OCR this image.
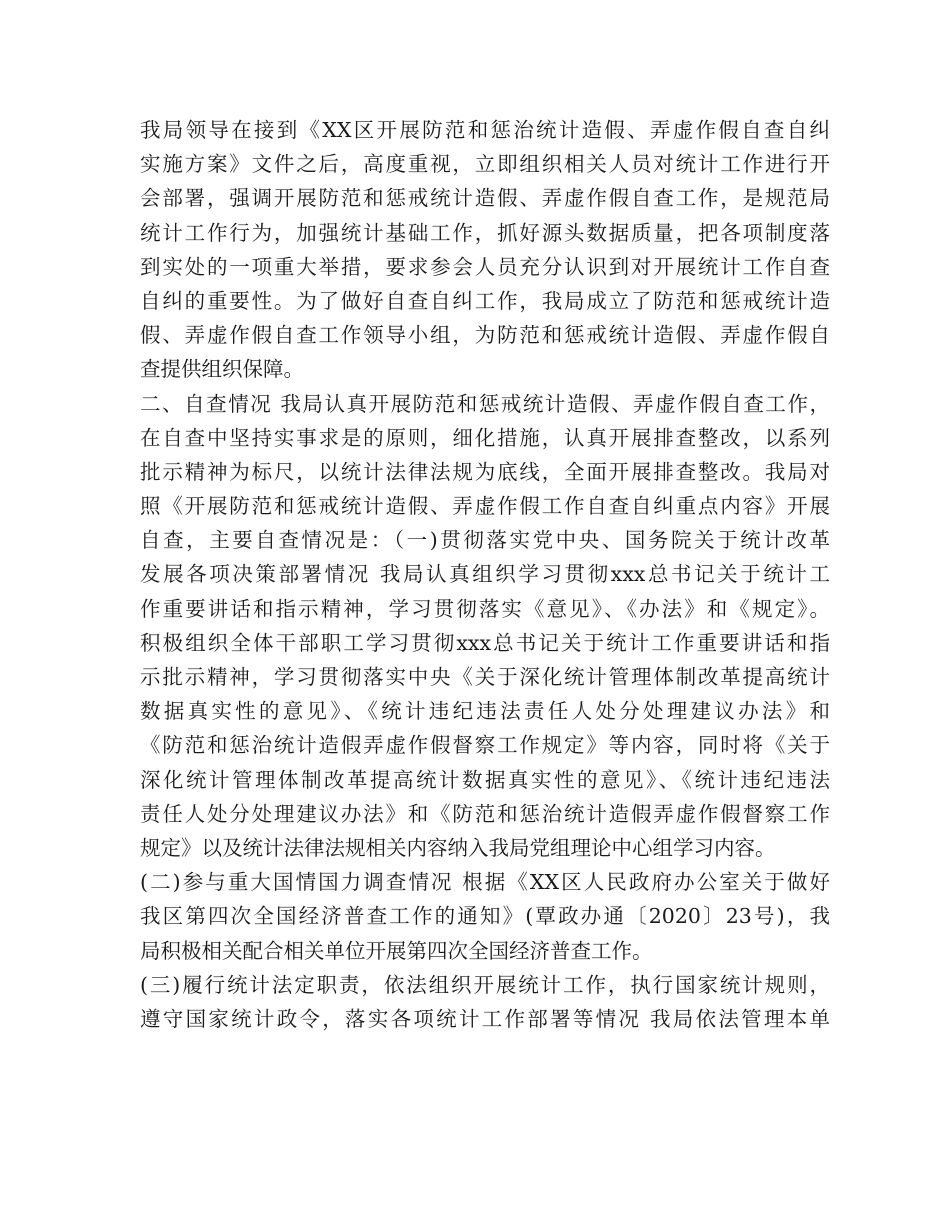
我局领导在接到《XX区开展防范和惩治统计造假、弄虚作假自查自纠
实施方案》文件之后，高度重视，立即组织相关人员对统计工作进行开
会部署，强调开展防范和惩戒统计造假、弄虚作假自查工作，是规范局
统计工作行为，加强统计基础工作，抓好源头数据质量，把各项制度落
到实处的一项重大举措，要求参会人员充分认识到对开展统计工作自查
自纠的重要性。为了做好自查自纠工作，我局成立了防范和惩戒统计造
假、弄虚作假自查工作领导小组，为防范和惩戒统计造假、弄虚作假自
查提供组织保障。
二、自查情况 我局认真开展防范和惩戒统计造假、弄虚作假自查工作，
在自查中坚持实事求是的原则，细化措施，认真开展排查整改，以系列
批示精神为标尺，以统计法律法规为底线，全面开展排查整改。我局对
照《开展防范和惩戒统计造假、弄虚作假工作自查自纠重点内容》开展
自查，主要自查情况是：（一)贯彻落实党中央、国务院关于统计改革
发展各项决策部署情况 我局认真组织学习贯彻xxx总书记关于统计工
作重要讲话和指示精神，学习贯彻落实《意见》、《办法》和《规定》。
积极组织全体干部职工学习贯彻xxx总书记关于统计工作重要讲话和指
示批示精神，学习贯彻落实中央《关于深化统计管理体制改革提高统计
数据真实性的意见》、《统计违纪违法责任人处分处理建议办法》和
《防范和惩治统计造假弄虚作假督察工作规定》等内容，同时将《关于
深化统计管理体制改革提高统计数据真实性的意见》、《统计违纪违法
责任人处分处理建议办法》和《防范和惩治统计造假弄虚作假督察工作
规定》以及统计法律法规相关内容纳入我局党组理论中心组学习内容。
(二)参与重大国情国力调查情况 根据《XX区人民政府办公室关于做好
我区第四次全国经济普查工作的通知》(覃政办通〔2020〕23号)，我
局积极相关配合相关单位开展第四次全国经济普查工作。
(三)履行统计法定职责，依法组织开展统计工作，执行国家统计规则，
遵守国家统计政令，落实各项统计工作部署等情况 我局依法管理本单
